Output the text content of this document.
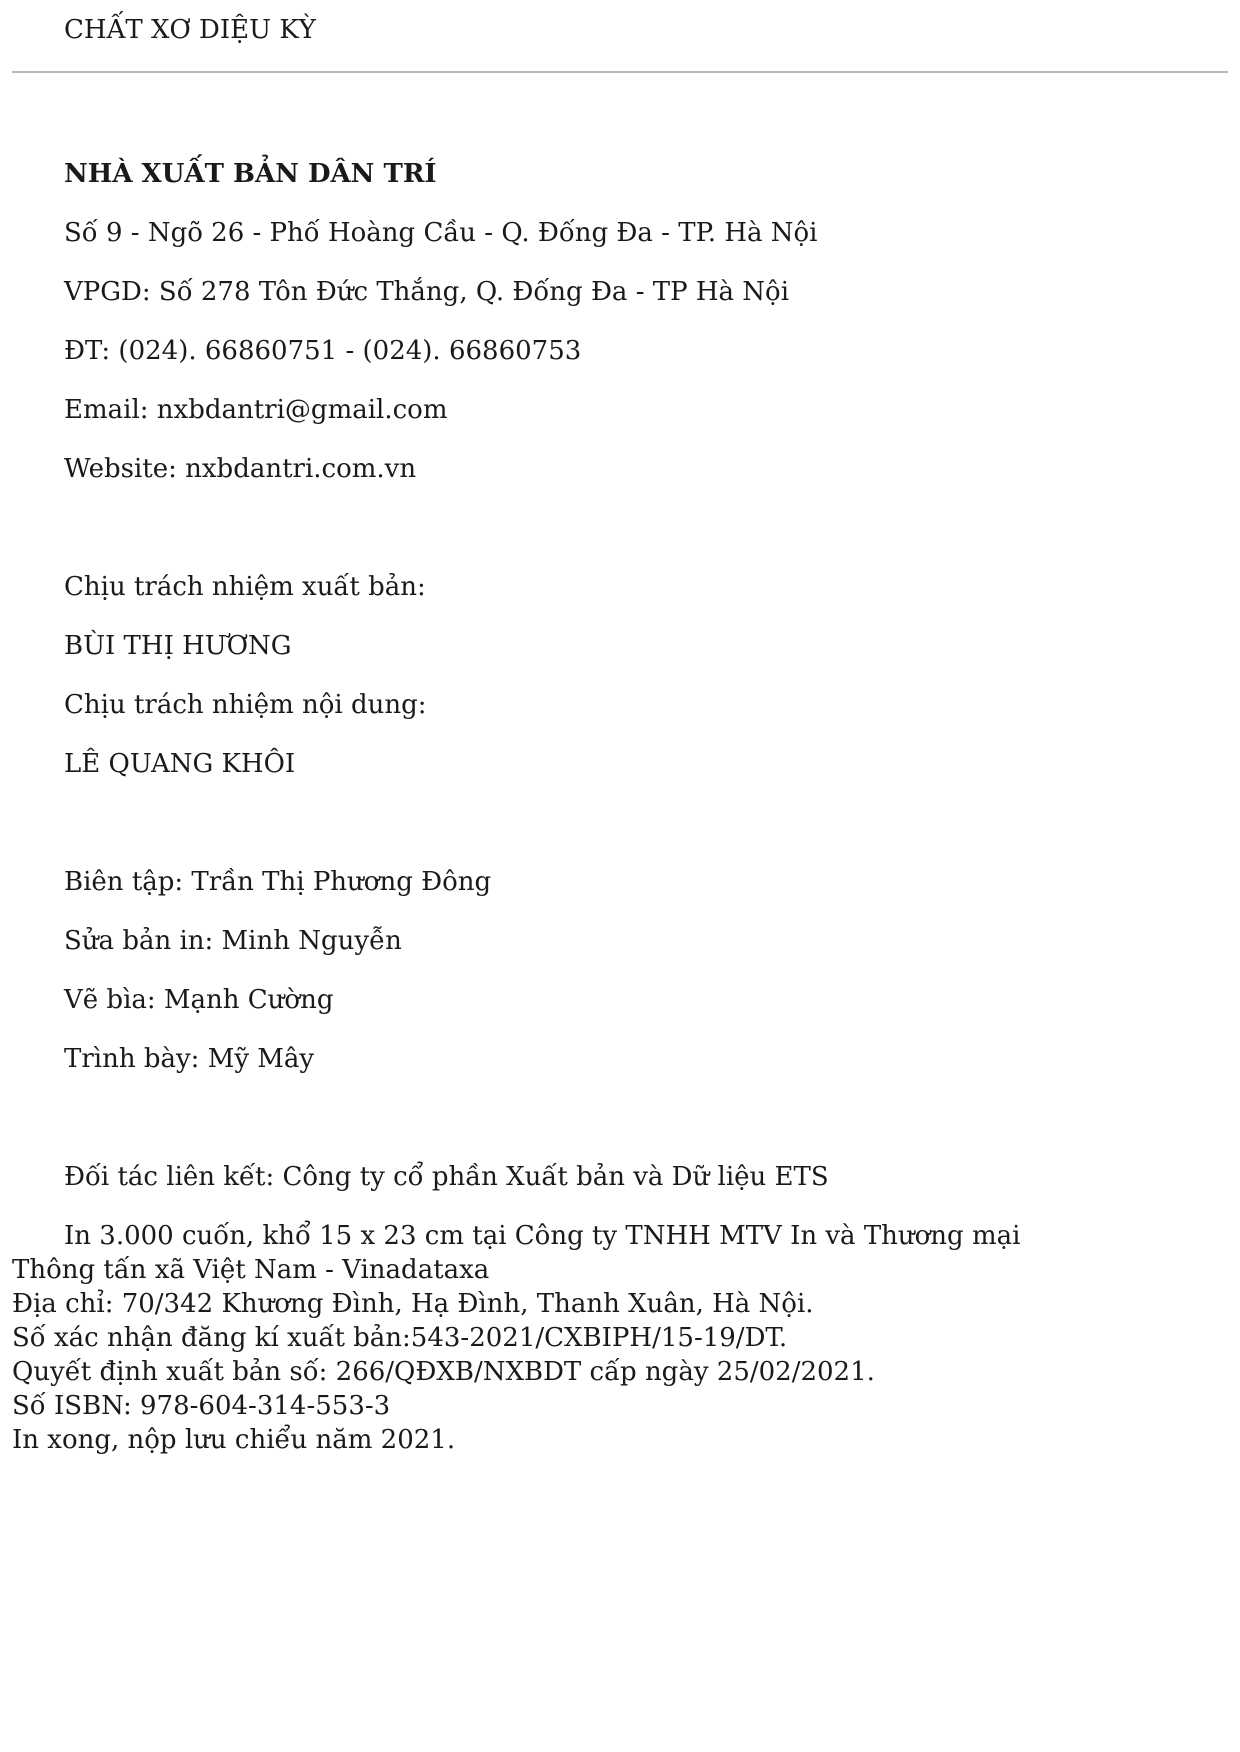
CHẤT XƠ DIỆU KỲ
NHÀ XUẤT BẢN DÂN TRÍ
Số 9 - Ngõ 26 - Phố Hoàng Cầu - Q. Đống Đa - TP. Hà Nội
VPGD: Số 278 Tôn Đức Thắng, Q. Đống Đa - TP Hà Nội
ĐT: (024). 66860751 - (024). 66860753
Email: nxbdantri@gmail.com
Website: nxbdantri.com.vn
Chịu trách nhiệm xuất bản:
BÙI THỊ HƯƠNG
Chịu trách nhiệm nội dung:
LÊ QUANG KHÔI
Biên tập: Trần Thị Phương Đông
Sửa bản in: Minh Nguyễn
Vẽ bìa: Mạnh Cường
Trình bày: Mỹ Mây
Đối tác liên kết: Công ty cổ phần Xuất bản và Dữ liệu ETS
In 3.000 cuốn, khổ 15 x 23 cm tại Công ty TNHH MTV In và Thương mại
Thông tấn xã Việt Nam - Vinadataxa
Địa chỉ: 70/342 Khương Đình, Hạ Đình, Thanh Xuân, Hà Nội.
Số xác nhận đăng kí xuất bản:543-2021/CXBIPH/15-19/DT.
Quyết định xuất bản số: 266/QĐXB/NXBDT cấp ngày 25/02/2021.
Số ISBN: 978-604-314-553-3
In xong, nộp lưu chiểu năm 2021.
